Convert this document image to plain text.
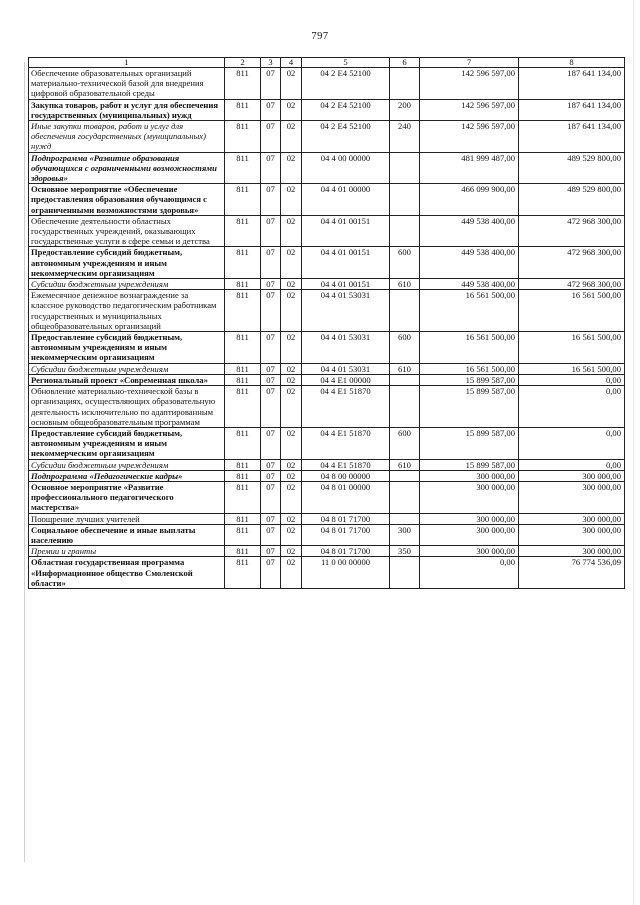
797
1	2	3	4	5	6	7	8
Обеспечение образовательных организаций материально-технической базой для внедрения цифровой образовательной среды	811	07	02	04 2 E4 52100		142 596 597,00	187 641 134,00
Закупка товаров, работ и услуг для обеспечения государственных (муниципальных) нужд	811	07	02	04 2 E4 52100	200	142 596 597,00	187 641 134,00
Иные закупки товаров, работ и услуг для обеспечения государственных (муниципальных) нужд	811	07	02	04 2 E4 52100	240	142 596 597,00	187 641 134,00
Подпрограмма «Развитие образования обучающихся с ограниченными возможностями здоровья»	811	07	02	04 4 00 00000		481 999 487,00	489 529 800,00
Основное мероприятие «Обеспечение предоставления образования обучающимся с ограниченными возможностями здоровья»	811	07	02	04 4 01 00000		466 099 900,00	489 529 800,00
Обеспечение деятельности областных государственных учреждений, оказывающих государственные услуги в сфере семьи и детства	811	07	02	04 4 01 00151		449 538 400,00	472 968 300,00
Предоставление субсидий бюджетным, автономным учреждениям и иным некоммерческим организациям	811	07	02	04 4 01 00151	600	449 538 400,00	472 968 300,00
Субсидии бюджетным учреждениям	811	07	02	04 4 01 00151	610	449 538 400,00	472 968 300,00
Ежемесячное денежное вознаграждение за классное руководство педагогическим работникам государственных и муниципальных общеобразовательных организаций	811	07	02	04 4 01 53031		16 561 500,00	16 561 500,00
Предоставление субсидий бюджетным, автономным учреждениям и иным некоммерческим организациям	811	07	02	04 4 01 53031	600	16 561 500,00	16 561 500,00
Субсидии бюджетным учреждениям	811	07	02	04 4 01 53031	610	16 561 500,00	16 561 500,00
Региональный проект «Современная школа»	811	07	02	04 4 E1 00000		15 899 587,00	0,00
Обновление материально-технической базы в организациях, осуществляющих образовательную деятельность исключительно по адаптированным основным общеобразовательным программам	811	07	02	04 4 E1 51870		15 899 587,00	0,00
Предоставление субсидий бюджетным, автономным учреждениям и иным некоммерческим организациям	811	07	02	04 4 E1 51870	600	15 899 587,00	0,00
Субсидии бюджетным учреждениям	811	07	02	04 4 E1 51870	610	15 899 587,00	0,00
Подпрограмма «Педагогические кадры»	811	07	02	04 8 00 00000		300 000,00	300 000,00
Основное мероприятие «Развитие профессионального педагогического мастерства»	811	07	02	04 8 01 00000		300 000,00	300 000,00
Поощрение лучших учителей	811	07	02	04 8 01 71700		300 000,00	300 000,00
Социальное обеспечение и иные выплаты населению	811	07	02	04 8 01 71700	300	300 000,00	300 000,00
Премии и гранты	811	07	02	04 8 01 71700	350	300 000,00	300 000,00
Областная государственная программа «Информационное общество Смоленской области»	811	07	02	11 0 00 00000		0,00	76 774 536,09
